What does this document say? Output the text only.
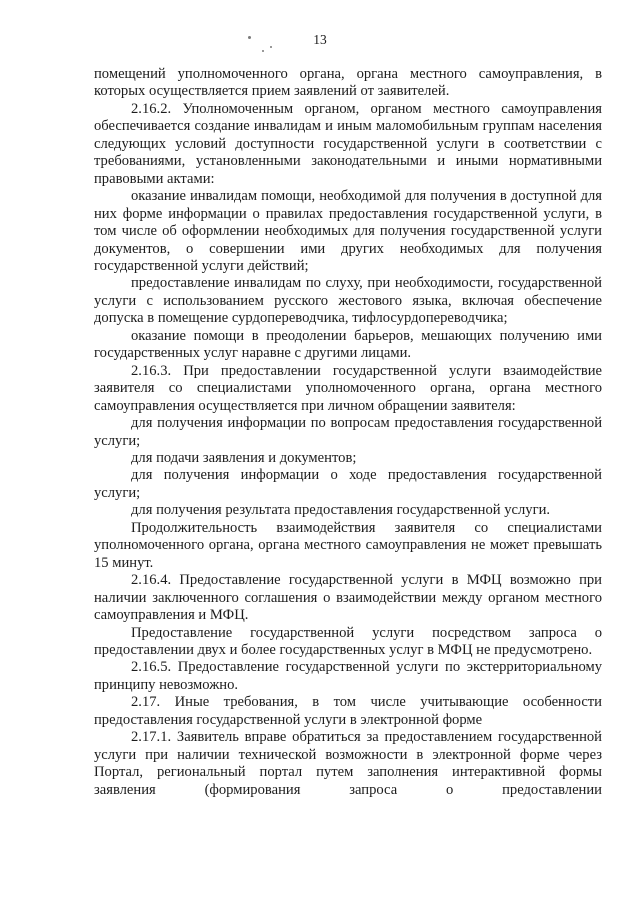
13

помещений уполномоченного органа, органа местного самоуправления, в которых осуществляется прием заявлений от заявителей.

2.16.2. Уполномоченным органом, органом местного самоуправления обеспечивается создание инвалидам и иным маломобильным группам населения следующих условий доступности государственной услуги в соответствии с требованиями, установленными законодательными и иными нормативными правовыми актами:

оказание инвалидам помощи, необходимой для получения в доступной для них форме информации о правилах предоставления государственной услуги, в том числе об оформлении необходимых для получения государственной услуги документов, о совершении ими других необходимых для получения государственной услуги действий;

предоставление инвалидам по слуху, при необходимости, государственной услуги с использованием русского жестового языка, включая обеспечение допуска в помещение сурдопереводчика, тифлосурдопереводчика;

оказание помощи в преодолении барьеров, мешающих получению ими государственных услуг наравне с другими лицами.

2.16.3. При предоставлении государственной услуги взаимодействие заявителя со специалистами уполномоченного органа, органа местного самоуправления осуществляется при личном обращении заявителя:

для получения информации по вопросам предоставления государственной услуги;

для подачи заявления и документов;

для получения информации о ходе предоставления государственной услуги;

для получения результата предоставления государственной услуги.

Продолжительность взаимодействия заявителя со специалистами уполномоченного органа, органа местного самоуправления не может превышать 15 минут.

2.16.4. Предоставление государственной услуги в МФЦ возможно при наличии заключенного соглашения о взаимодействии между органом местного самоуправления и МФЦ.

Предоставление государственной услуги посредством запроса о предоставлении двух и более государственных услуг в МФЦ не предусмотрено.

2.16.5. Предоставление государственной услуги по экстерриториальному принципу невозможно.

2.17. Иные требования, в том числе учитывающие особенности предоставления государственной услуги в электронной форме

2.17.1. Заявитель вправе обратиться за предоставлением государственной услуги при наличии технической возможности в электронной форме через Портал, региональный портал путем заполнения интерактивной формы заявления (формирования запроса о предоставлении
